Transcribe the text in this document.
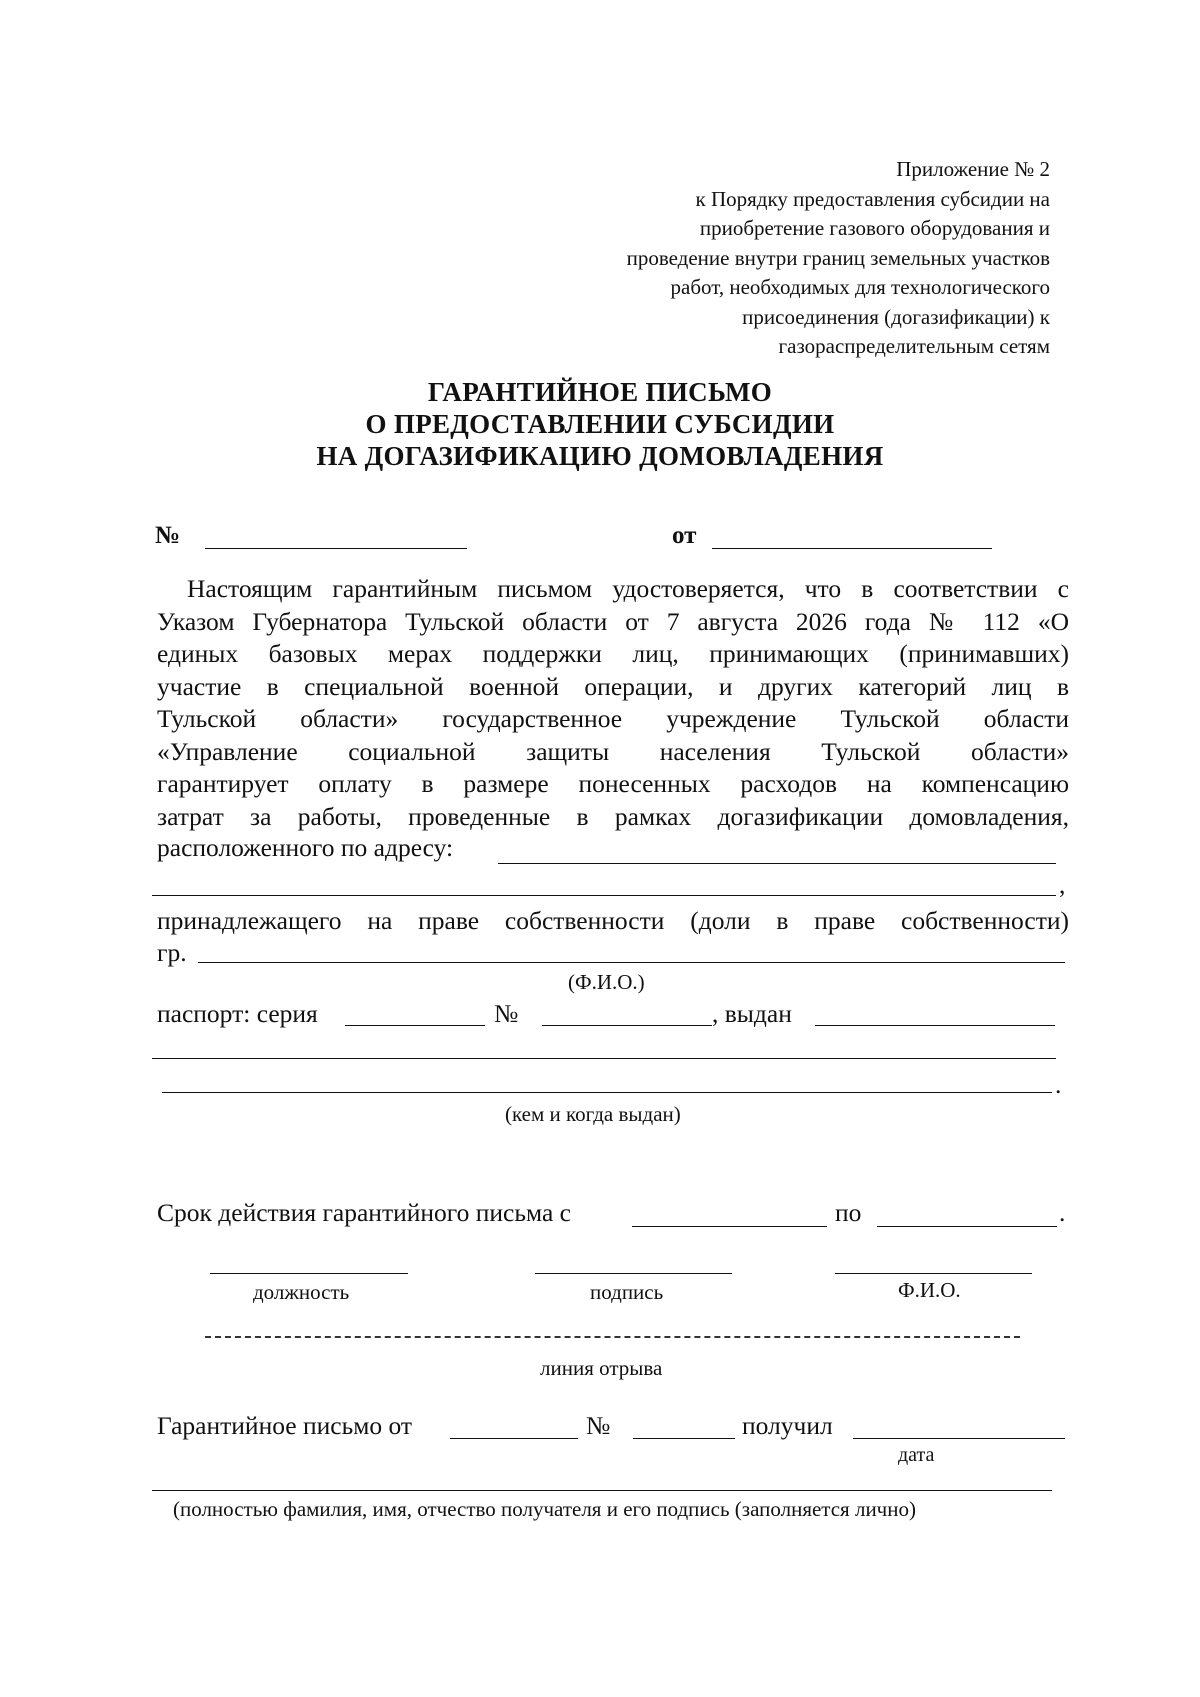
Приложение № 2
к Порядку предоставления субсидии на
приобретение газового оборудования и
проведение внутри границ земельных участков
работ, необходимых для технологического
присоединения (догазификации) к
газораспределительным сетям
ГАРАНТИЙНОЕ ПИСЬМО
О ПРЕДОСТАВЛЕНИИ СУБСИДИИ
НА ДОГАЗИФИКАЦИЮ ДОМОВЛАДЕНИЯ
№	от
Настоящим гарантийным письмом удостоверяется, что в соответствии с
Указом Губернатора Тульской области от 7 августа 2026 года № 112 «О
единых базовых мерах поддержки лиц, принимающих (принимавших)
участие в специальной военной операции, и других категорий лиц в
Тульской области» государственное учреждение Тульской области
«Управление социальной защиты населения Тульской области»
гарантирует оплату в размере понесенных расходов на компенсацию
затрат за работы, проведенные в рамках догазификации домовладения,
расположенного по адресу:
,
принадлежащего на праве собственности (доли в праве собственности)
гр.
(Ф.И.О.)
паспорт: серия	№	, выдан
.
(кем и когда выдан)
Срок действия гарантийного письма с	по	.
должность	подпись	Ф.И.О.
линия отрыва
Гарантийное письмо от	№	получил
дата
(полностью фамилия, имя, отчество получателя и его подпись (заполняется лично)
